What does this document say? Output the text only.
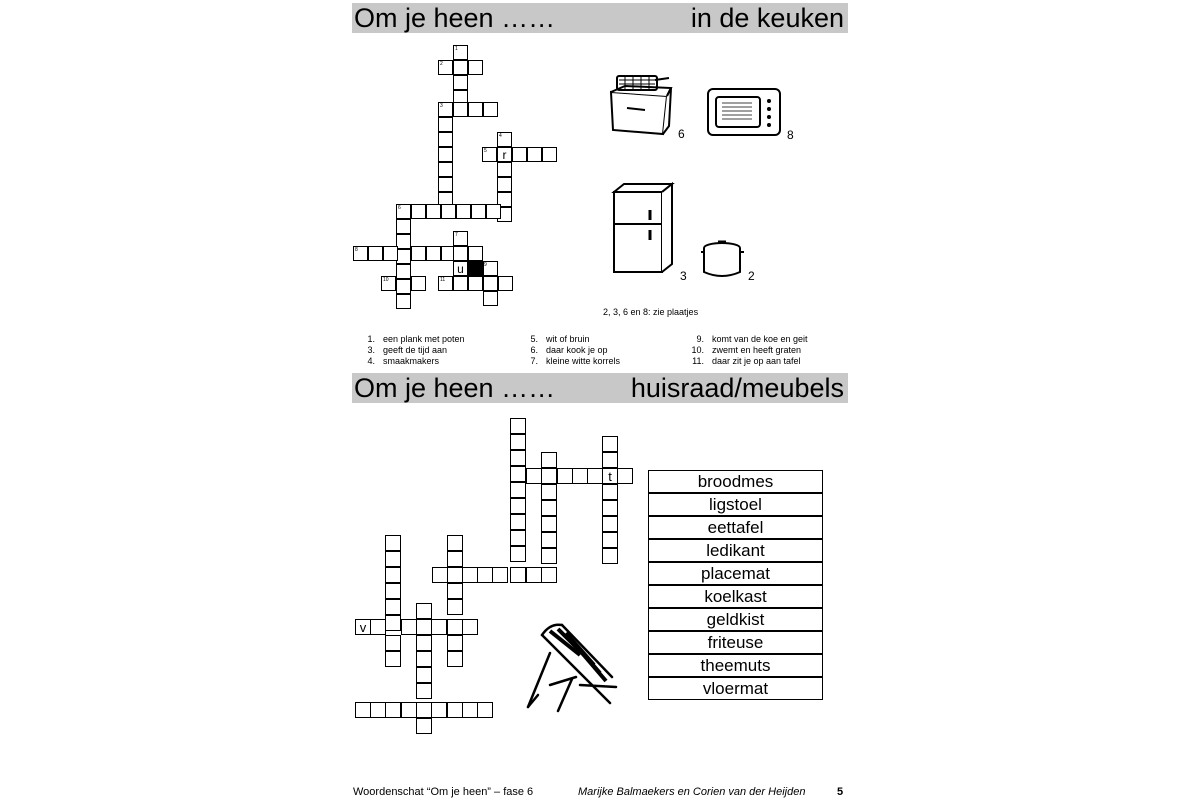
Om je heen ……	in de keuken
r
u
1
2
3
4
5
6
7
8
9
10	11
6	8
3	2
2, 3, 6 en 8: zie plaatjes
1. een plank met poten
3. geeft de tijd aan
4. smaakmakers
5. wit of bruin
6. daar kook je op
7. kleine witte korrels
9. komt van de koe en geit
10. zwemt en heeft graten
11. daar zit je op aan tafel
Om je heen ……	huisraad/meubels
t
v
broodmes
ligstoel
eettafel
ledikant
placemat
koelkast
geldkist
friteuse
theemuts
vloermat
Woordenschat “Om je heen” – fase 6	Marijke Balmaekers en Corien van der Heijden	5
